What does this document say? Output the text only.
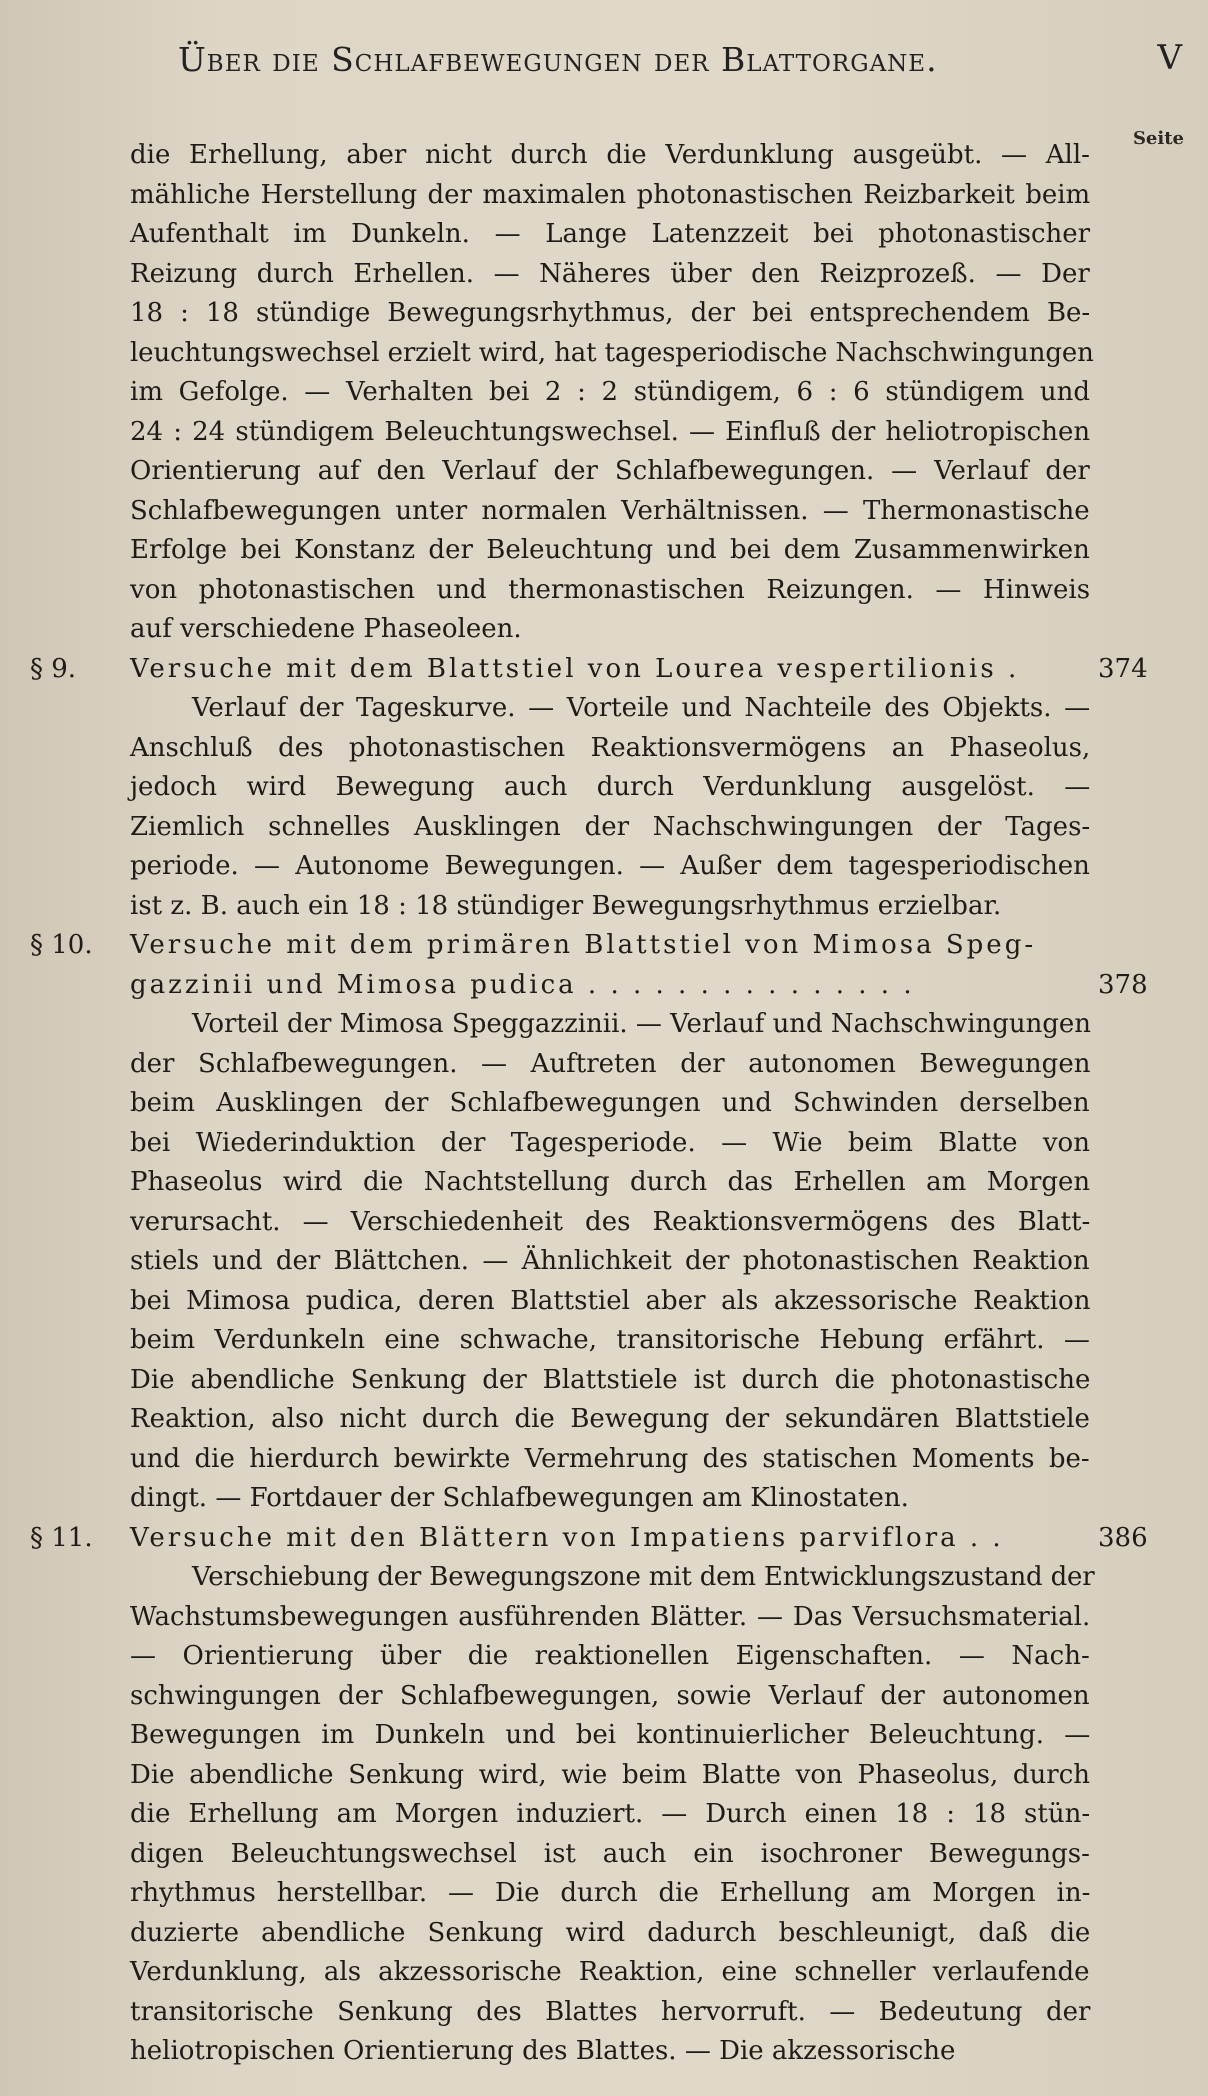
Über die Schlafbewegungen der Blattorgane.	V
Seite
die Erhellung, aber nicht durch die Verdunklung ausgeübt. — All-
mähliche Herstellung der maximalen photonastischen Reizbarkeit beim
Aufenthalt im Dunkeln. — Lange Latenzzeit bei photonastischer
Reizung durch Erhellen. — Näheres über den Reizprozeß. — Der
18 : 18 stündige Bewegungsrhythmus, der bei entsprechendem Be-
leuchtungswechsel erzielt wird, hat tagesperiodische Nachschwingungen
im Gefolge. — Verhalten bei 2 : 2 stündigem, 6 : 6 stündigem und
24 : 24 stündigem Beleuchtungswechsel. — Einfluß der heliotropischen
Orientierung auf den Verlauf der Schlafbewegungen. — Verlauf der
Schlafbewegungen unter normalen Verhältnissen. — Thermonastische
Erfolge bei Konstanz der Beleuchtung und bei dem Zusammenwirken
von photonastischen und thermonastischen Reizungen. — Hinweis
auf verschiedene Phaseoleen.
§ 9.	Versuche mit dem Blattstiel von Lourea vespertilionis .	374
Verlauf der Tageskurve. — Vorteile und Nachteile des Objekts. —
Anschluß des photonastischen Reaktionsvermögens an Phaseolus,
jedoch wird Bewegung auch durch Verdunklung ausgelöst. —
Ziemlich schnelles Ausklingen der Nachschwingungen der Tages-
periode. — Autonome Bewegungen. — Außer dem tagesperiodischen
ist z. B. auch ein 18 : 18 stündiger Bewegungsrhythmus erzielbar.
§ 10.	Versuche mit dem primären Blattstiel von Mimosa Speg-
gazzinii und Mimosa pudica . . . . . . . . . . . . . . .	378
Vorteil der Mimosa Speggazzinii. — Verlauf und Nachschwingungen
der Schlafbewegungen. — Auftreten der autonomen Bewegungen
beim Ausklingen der Schlafbewegungen und Schwinden derselben
bei Wiederinduktion der Tagesperiode. — Wie beim Blatte von
Phaseolus wird die Nachtstellung durch das Erhellen am Morgen
verursacht. — Verschiedenheit des Reaktionsvermögens des Blatt-
stiels und der Blättchen. — Ähnlichkeit der photonastischen Reaktion
bei Mimosa pudica, deren Blattstiel aber als akzessorische Reaktion
beim Verdunkeln eine schwache, transitorische Hebung erfährt. —
Die abendliche Senkung der Blattstiele ist durch die photonastische
Reaktion, also nicht durch die Bewegung der sekundären Blattstiele
und die hierdurch bewirkte Vermehrung des statischen Moments be-
dingt. — Fortdauer der Schlafbewegungen am Klinostaten.
§ 11.	Versuche mit den Blättern von Impatiens parviflora . .	386
Verschiebung der Bewegungszone mit dem Entwicklungszustand der
Wachstumsbewegungen ausführenden Blätter. — Das Versuchsmaterial.
— Orientierung über die reaktionellen Eigenschaften. — Nach-
schwingungen der Schlafbewegungen, sowie Verlauf der autonomen
Bewegungen im Dunkeln und bei kontinuierlicher Beleuchtung. —
Die abendliche Senkung wird, wie beim Blatte von Phaseolus, durch
die Erhellung am Morgen induziert. — Durch einen 18 : 18 stün-
digen Beleuchtungswechsel ist auch ein isochroner Bewegungs-
rhythmus herstellbar. — Die durch die Erhellung am Morgen in-
duzierte abendliche Senkung wird dadurch beschleunigt, daß die
Verdunklung, als akzessorische Reaktion, eine schneller verlaufende
transitorische Senkung des Blattes hervorruft. — Bedeutung der
heliotropischen Orientierung des Blattes. — Die akzessorische
